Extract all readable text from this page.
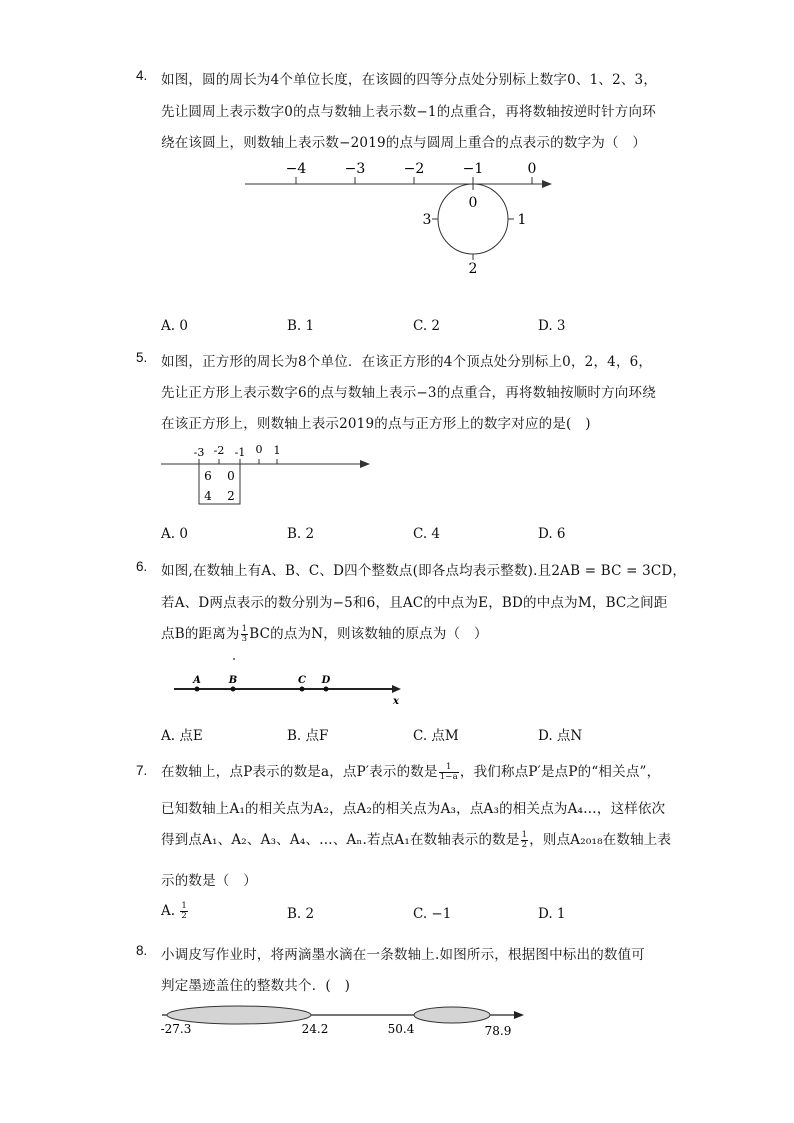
4. 如图，圆的周长为4个单位长度，在该圆的四等分点处分别标上数字0、1、2、3，
先让圆周上表示数字0的点与数轴上表示数−1的点重合，再将数轴按逆时针方向环
绕在该圆上，则数轴上表示数−2019的点与圆周上重合的点表示的数字为（　）
−4	−3	−2	−1	0
0
1
2
3
A. 0	B. 1	C. 2	D. 3
5. 如图，正方形的周长为8个单位．在该正方形的4个顶点处分别标上0，2，4，6，
先让正方形上表示数字6的点与数轴上表示−3的点重合，再将数轴按顺时方向环绕
在该正方形上，则数轴上表示2019的点与正方形上的数字对应的是(　)
-3 -2 -1 0 1
6 0
4 2
A. 0	B. 2	C. 4	D. 6
6. 如图,在数轴上有A、B、C、D四个整数点(即各点均表示整数).且2AB = BC = 3CD，
若A、D两点表示的数分别为−5和6，且AC的中点为E，BD的中点为M，BC之间距
点B的距离为 $\frac{1}{3}$ BC的点为N，则该数轴的原点为（　）
A	B	C D
x
A. 点E	B. 点F	C. 点M	D. 点N
7. 在数轴上，点P表示的数是a，点P′表示的数是 $\frac{1}{1-a}$ ，我们称点P′是点P的“相关点”，
已知数轴上A₁的相关点为A₂，点A₂的相关点为A₃，点A₃的相关点为A₄…，这样依次
得到点A₁、A₂、A₃、A₄、…、Aₙ.若点A₁在数轴表示的数是 $\frac{1}{2}$ ，则点A₂₀₁₈在数轴上表
示的数是（　）
A. $\frac{1}{2}$	B. 2	C. −1	D. 1
8. 小调皮写作业时，将两滴墨水滴在一条数轴上.如图所示，根据图中标出的数值可
判定墨迹盖住的整数共个．(　)
-27.3	24.2	50.4	78.9
